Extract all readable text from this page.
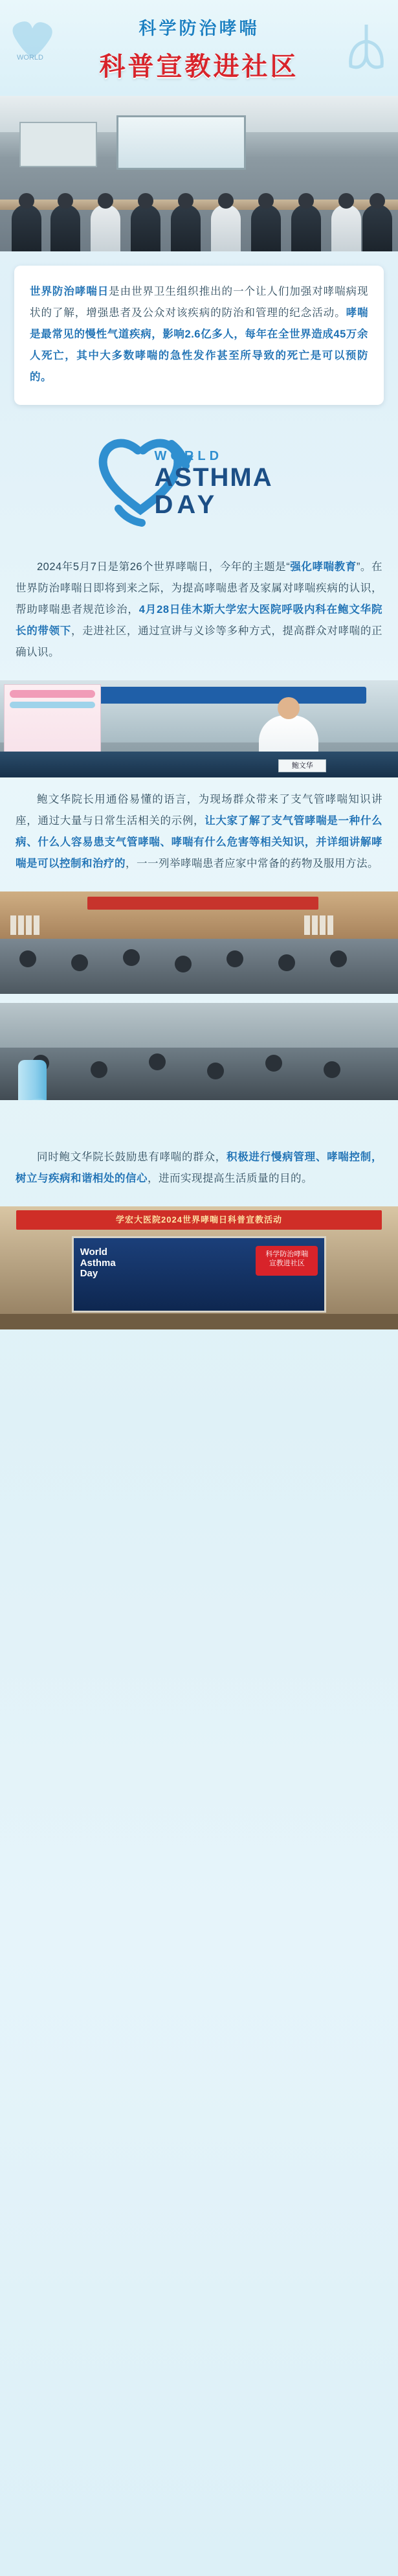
WORLD
科学防治哮喘
科普宣教进社区

世界防治哮喘日是由世界卫生组织推出的一个让人们加强对哮喘病现状的了解，增强患者及公众对该疾病的防治和管理的纪念活动。哮喘是最常见的慢性气道疾病，影响2.6亿多人，每年在全世界造成45万余人死亡，其中大多数哮喘的急性发作甚至所导致的死亡是可以预防的。

WORLD
ASTHMA
DAY
2024年5月7日是第26个世界哮喘日，今年的主题是“强化哮喘教育”。在世界防治哮喘日即将到来之际，为提高哮喘患者及家属对哮喘疾病的认识，帮助哮喘患者规范诊治，4月28日佳木斯大学宏大医院呼吸内科在鲍文华院长的带领下，走进社区，通过宣讲与义诊等多种方式，提高群众对哮喘的正确认识。
鲍文华
鲍文华院长用通俗易懂的语言，为现场群众带来了支气管哮喘知识讲座，通过大量与日常生活相关的示例，让大家了解了支气管哮喘是一种什么病、什么人容易患支气管哮喘、哮喘有什么危害等相关知识，并详细讲解哮喘是可以控制和治疗的，一一列举哮喘患者应家中常备的药物及服用方法。
同时鲍文华院长鼓励患有哮喘的群众，积极进行慢病管理、哮喘控制，树立与疾病和谐相处的信心，进而实现提高生活质量的目的。
学宏大医院2024世界哮喘日科普宣教活动
World
Asthma
Day
科学防治哮喘
宣教进社区
